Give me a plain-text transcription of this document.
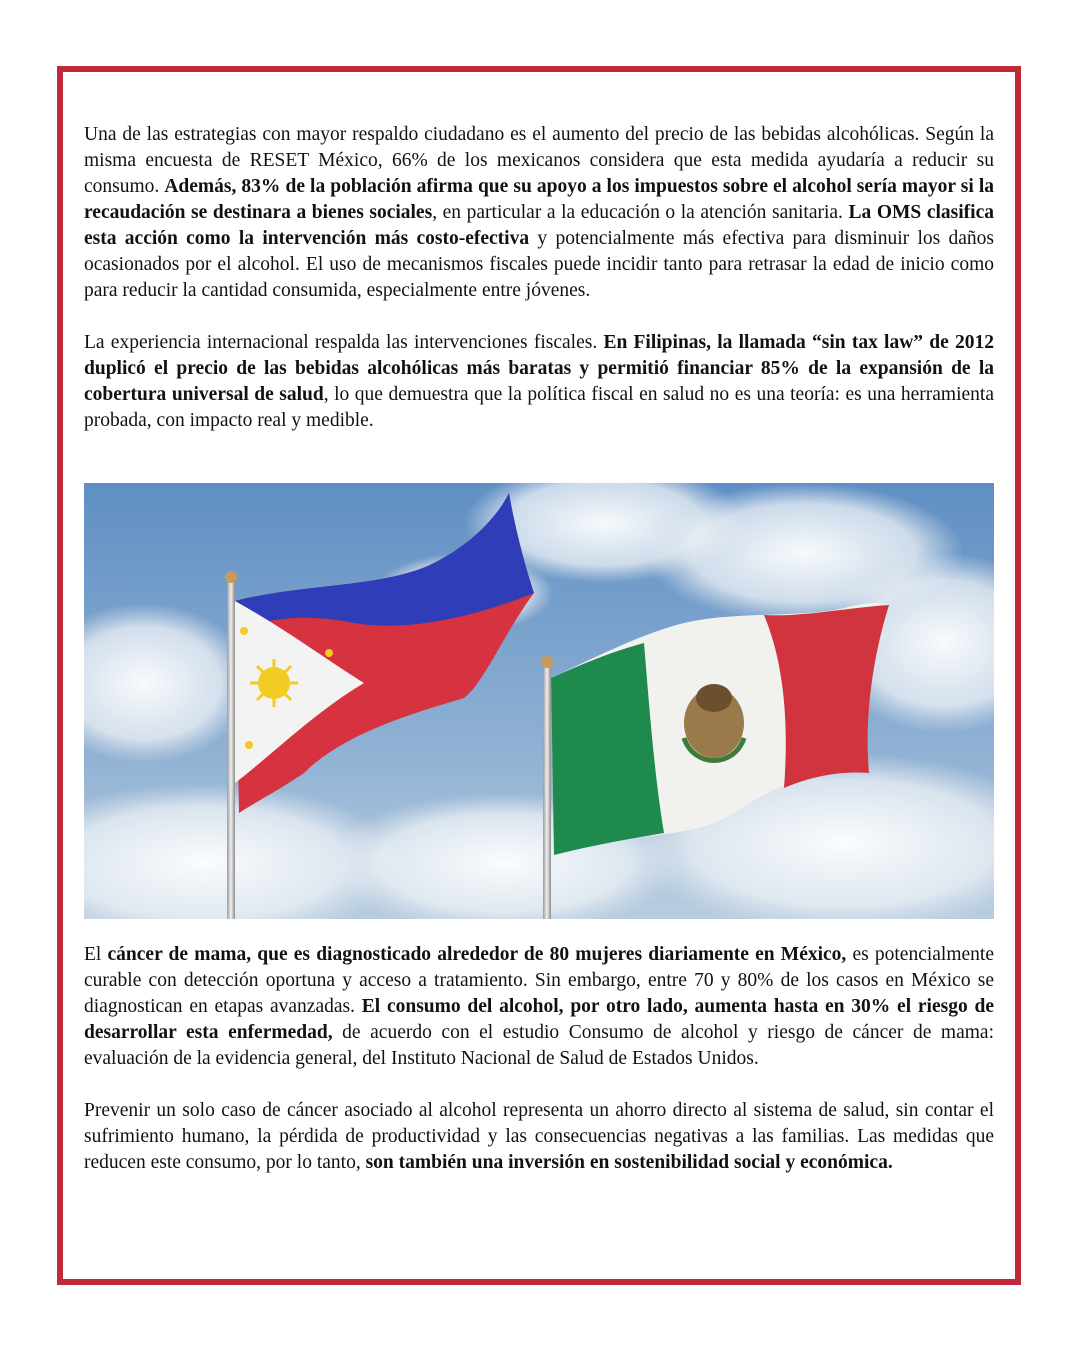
Una de las estrategias con mayor respaldo ciudadano es el aumento del precio de las bebidas alcohólicas. Según la misma encuesta de RESET México, 66% de los mexicanos considera que esta medida ayudaría a reducir su consumo. Además, 83% de la población afirma que su apoyo a los impuestos sobre el alcohol sería mayor si la recaudación se destinara a bienes sociales, en particular a la educación o la atención sanitaria. La OMS clasifica esta acción como la intervención más costo-efectiva y potencialmente más efectiva para disminuir los daños ocasionados por el alcohol. El uso de mecanismos fiscales puede incidir tanto para retrasar la edad de inicio como para reducir la cantidad consumida, especialmente entre jóvenes.

La experiencia internacional respalda las intervenciones fiscales. En Filipinas, la llamada “sin tax law” de 2012 duplicó el precio de las bebidas alcohólicas más baratas y permitió financiar 85% de la expansión de la cobertura universal de salud, lo que demuestra que la política fiscal en salud no es una teoría: es una herramienta probada, con impacto real y medible.

El cáncer de mama, que es diagnosticado alrededor de 80 mujeres diariamente en México, es potencialmente curable con detección oportuna y acceso a tratamiento. Sin embargo, entre 70 y 80% de los casos en México se diagnostican en etapas avanzadas. El consumo del alcohol, por otro lado, aumenta hasta en 30% el riesgo de desarrollar esta enfermedad, de acuerdo con el estudio Consumo de alcohol y riesgo de cáncer de mama: evaluación de la evidencia general, del Instituto Nacional de Salud de Estados Unidos.

Prevenir un solo caso de cáncer asociado al alcohol representa un ahorro directo al sistema de salud, sin contar el sufrimiento humano, la pérdida de productividad y las consecuencias negativas a las familias. Las medidas que reducen este consumo, por lo tanto, son también una inversión en sostenibilidad social y económica.
